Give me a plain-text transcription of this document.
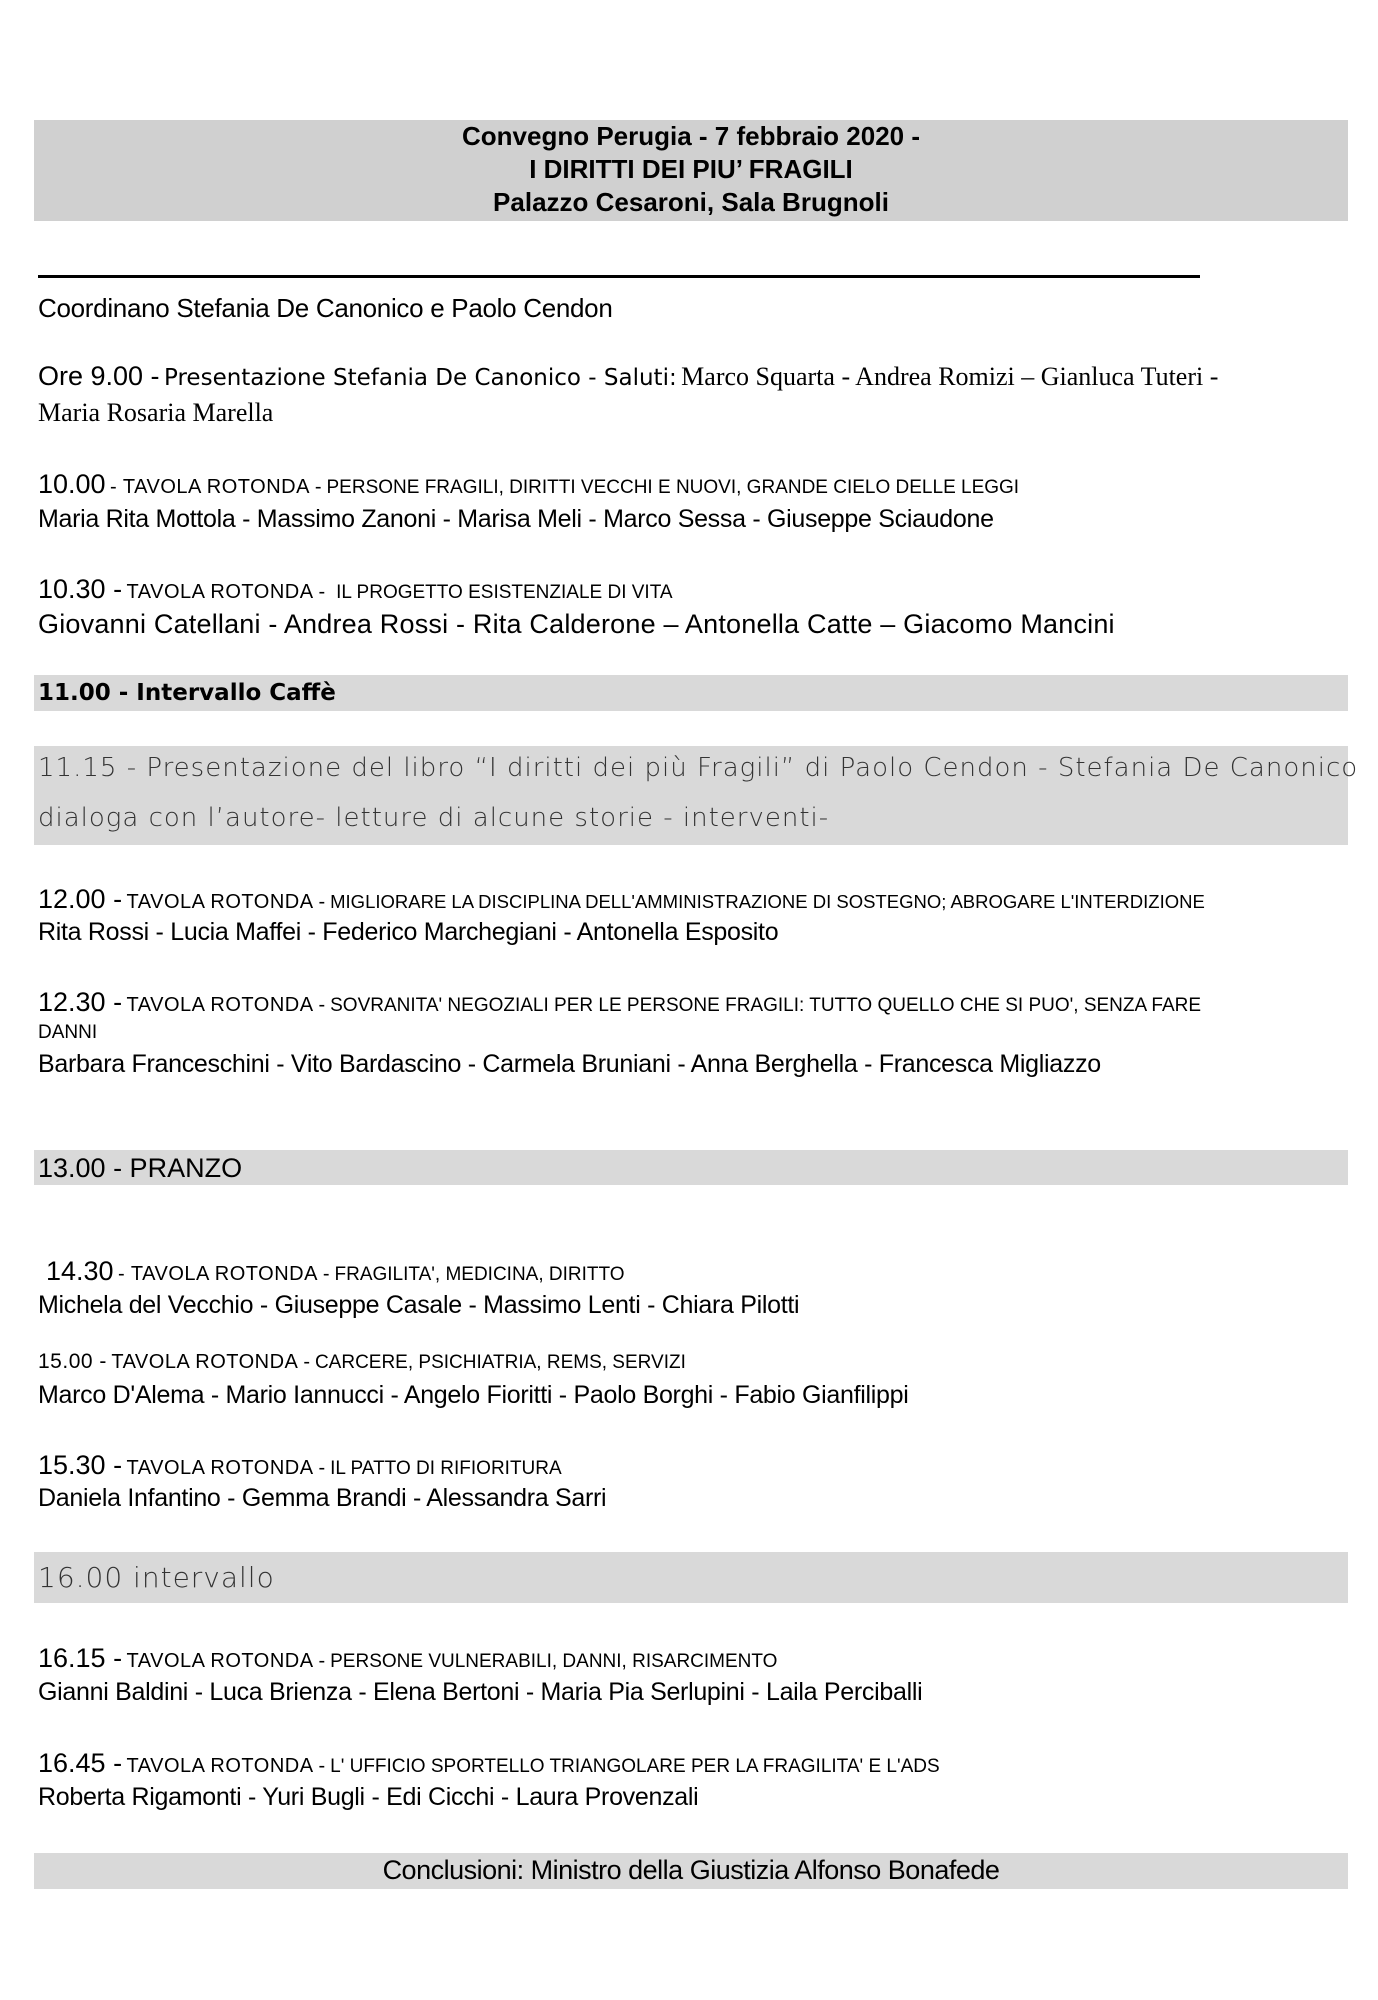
Convegno Perugia - 7 febbraio 2020 -
I DIRITTI DEI PIU’ FRAGILI
Palazzo Cesaroni, Sala Brugnoli
Coordinano Stefania De Canonico e Paolo Cendon
Ore 9.00 - Presentazione Stefania De Canonico - Saluti: Marco Squarta - Andrea Romizi – Gianluca Tuteri -
Maria Rosaria Marella
10.00 - TAVOLA ROTONDA - PERSONE FRAGILI, DIRITTI VECCHI E NUOVI, GRANDE CIELO DELLE LEGGI
Maria Rita Mottola - Massimo Zanoni - Marisa Meli - Marco Sessa - Giuseppe Sciaudone
10.30 - TAVOLA ROTONDA - IL PROGETTO ESISTENZIALE DI VITA
Giovanni Catellani - Andrea Rossi - Rita Calderone – Antonella Catte – Giacomo Mancini
11.00 - Intervallo Caffè
11.15 - Presentazione del libro “I diritti dei più Fragili” di Paolo Cendon - Stefania De Canonico
dialoga con l’autore- letture di alcune storie - interventi-
12.00 - TAVOLA ROTONDA - MIGLIORARE LA DISCIPLINA DELL'AMMINISTRAZIONE DI SOSTEGNO; ABROGARE L'INTERDIZIONE
Rita Rossi - Lucia Maffei - Federico Marchegiani - Antonella Esposito
12.30 - TAVOLA ROTONDA - SOVRANITA' NEGOZIALI PER LE PERSONE FRAGILI: TUTTO QUELLO CHE SI PUO', SENZA FARE
DANNI
Barbara Franceschini - Vito Bardascino - Carmela Bruniani - Anna Berghella - Francesca Migliazzo
13.00 - PRANZO
14.30 - TAVOLA ROTONDA - FRAGILITA', MEDICINA, DIRITTO
Michela del Vecchio - Giuseppe Casale - Massimo Lenti - Chiara Pilotti
15.00 - TAVOLA ROTONDA - CARCERE, PSICHIATRIA, REMS, SERVIZI
Marco D'Alema - Mario Iannucci - Angelo Fioritti - Paolo Borghi - Fabio Gianfilippi
15.30 - TAVOLA ROTONDA - IL PATTO DI RIFIORITURA
Daniela Infantino - Gemma Brandi - Alessandra Sarri
16.00 intervallo
16.15 - TAVOLA ROTONDA - PERSONE VULNERABILI, DANNI, RISARCIMENTO
Gianni Baldini - Luca Brienza - Elena Bertoni - Maria Pia Serlupini - Laila Perciballi
16.45 - TAVOLA ROTONDA - L' UFFICIO SPORTELLO TRIANGOLARE PER LA FRAGILITA' E L'ADS
Roberta Rigamonti - Yuri Bugli - Edi Cicchi - Laura Provenzali
Conclusioni: Ministro della Giustizia Alfonso Bonafede
